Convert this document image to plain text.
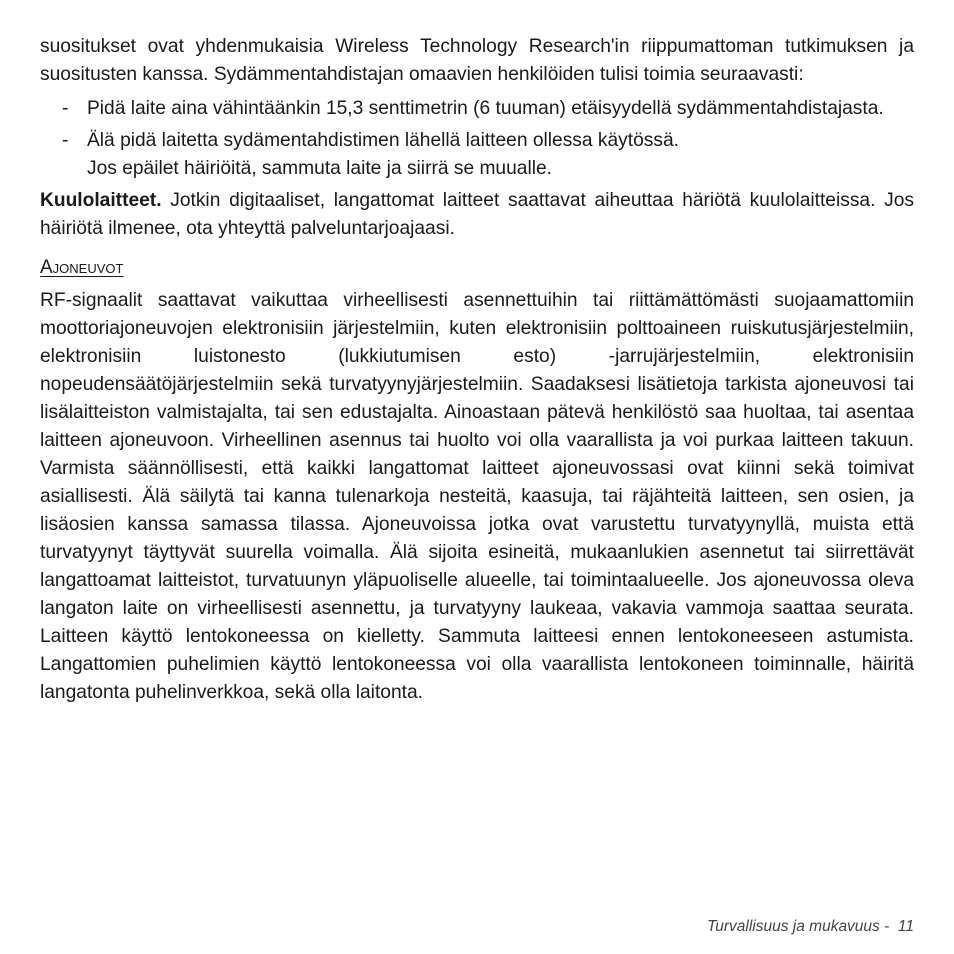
suositukset ovat yhdenmukaisia Wireless Technology Research'in riippumattoman tutkimuksen ja suositusten kanssa. Sydämmentahdistajan omaavien henkilöiden tulisi toimia seuraavasti:

- Pidä laite aina vähintäänkin 15,3 senttimetrin (6 tuuman) etäisyydellä sydämmentahdistajasta.
- Älä pidä laitetta sydämentahdistimen lähellä laitteen ollessa käytössä.
Jos epäilet häiriöitä, sammuta laite ja siirrä se muualle.

Kuulolaitteet. Jotkin digitaaliset, langattomat laitteet saattavat aiheuttaa häriötä kuulolaitteissa. Jos häiriötä ilmenee, ota yhteyttä palveluntarjoajaasi.

Ajoneuvot

RF-signaalit saattavat vaikuttaa virheellisesti asennettuihin tai riittämättömästi suojaamattomiin moottoriajoneuvojen elektronisiin järjestelmiin, kuten elektronisiin polttoaineen ruiskutusjärjestelmiin, elektronisiin luistonesto (lukkiutumisen esto) -jarrujärjestelmiin, elektronisiin nopeudensäätöjärjestelmiin sekä turvatyynyjärjestelmiin. Saadaksesi lisätietoja tarkista ajoneuvosi tai lisälaitteiston valmistajalta, tai sen edustajalta. Ainoastaan pätevä henkilöstö saa huoltaa, tai asentaa laitteen ajoneuvoon. Virheellinen asennus tai huolto voi olla vaarallista ja voi purkaa laitteen takuun. Varmista säännöllisesti, että kaikki langattomat laitteet ajoneuvossasi ovat kiinni sekä toimivat asiallisesti. Älä säilytä tai kanna tulenarkoja nesteitä, kaasuja, tai räjähteitä laitteen, sen osien, ja lisäosien kanssa samassa tilassa. Ajoneuvoissa jotka ovat varustettu turvatyynyllä, muista että turvatyynyt täyttyvät suurella voimalla. Älä sijoita esineitä, mukaanlukien asennetut tai siirrettävät langattoamat laitteistot, turvatuunyn yläpuoliselle alueelle, tai toimintaalueelle. Jos ajoneuvossa oleva langaton laite on virheellisesti asennettu, ja turvatyyny laukeaa, vakavia vammoja saattaa seurata. Laitteen käyttö lentokoneessa on kielletty. Sammuta laitteesi ennen lentokoneeseen astumista. Langattomien puhelimien käyttö lentokoneessa voi olla vaarallista lentokoneen toiminnalle, häiritä langatonta puhelinverkkoa, sekä olla laitonta.

Turvallisuus ja mukavuus -  11
